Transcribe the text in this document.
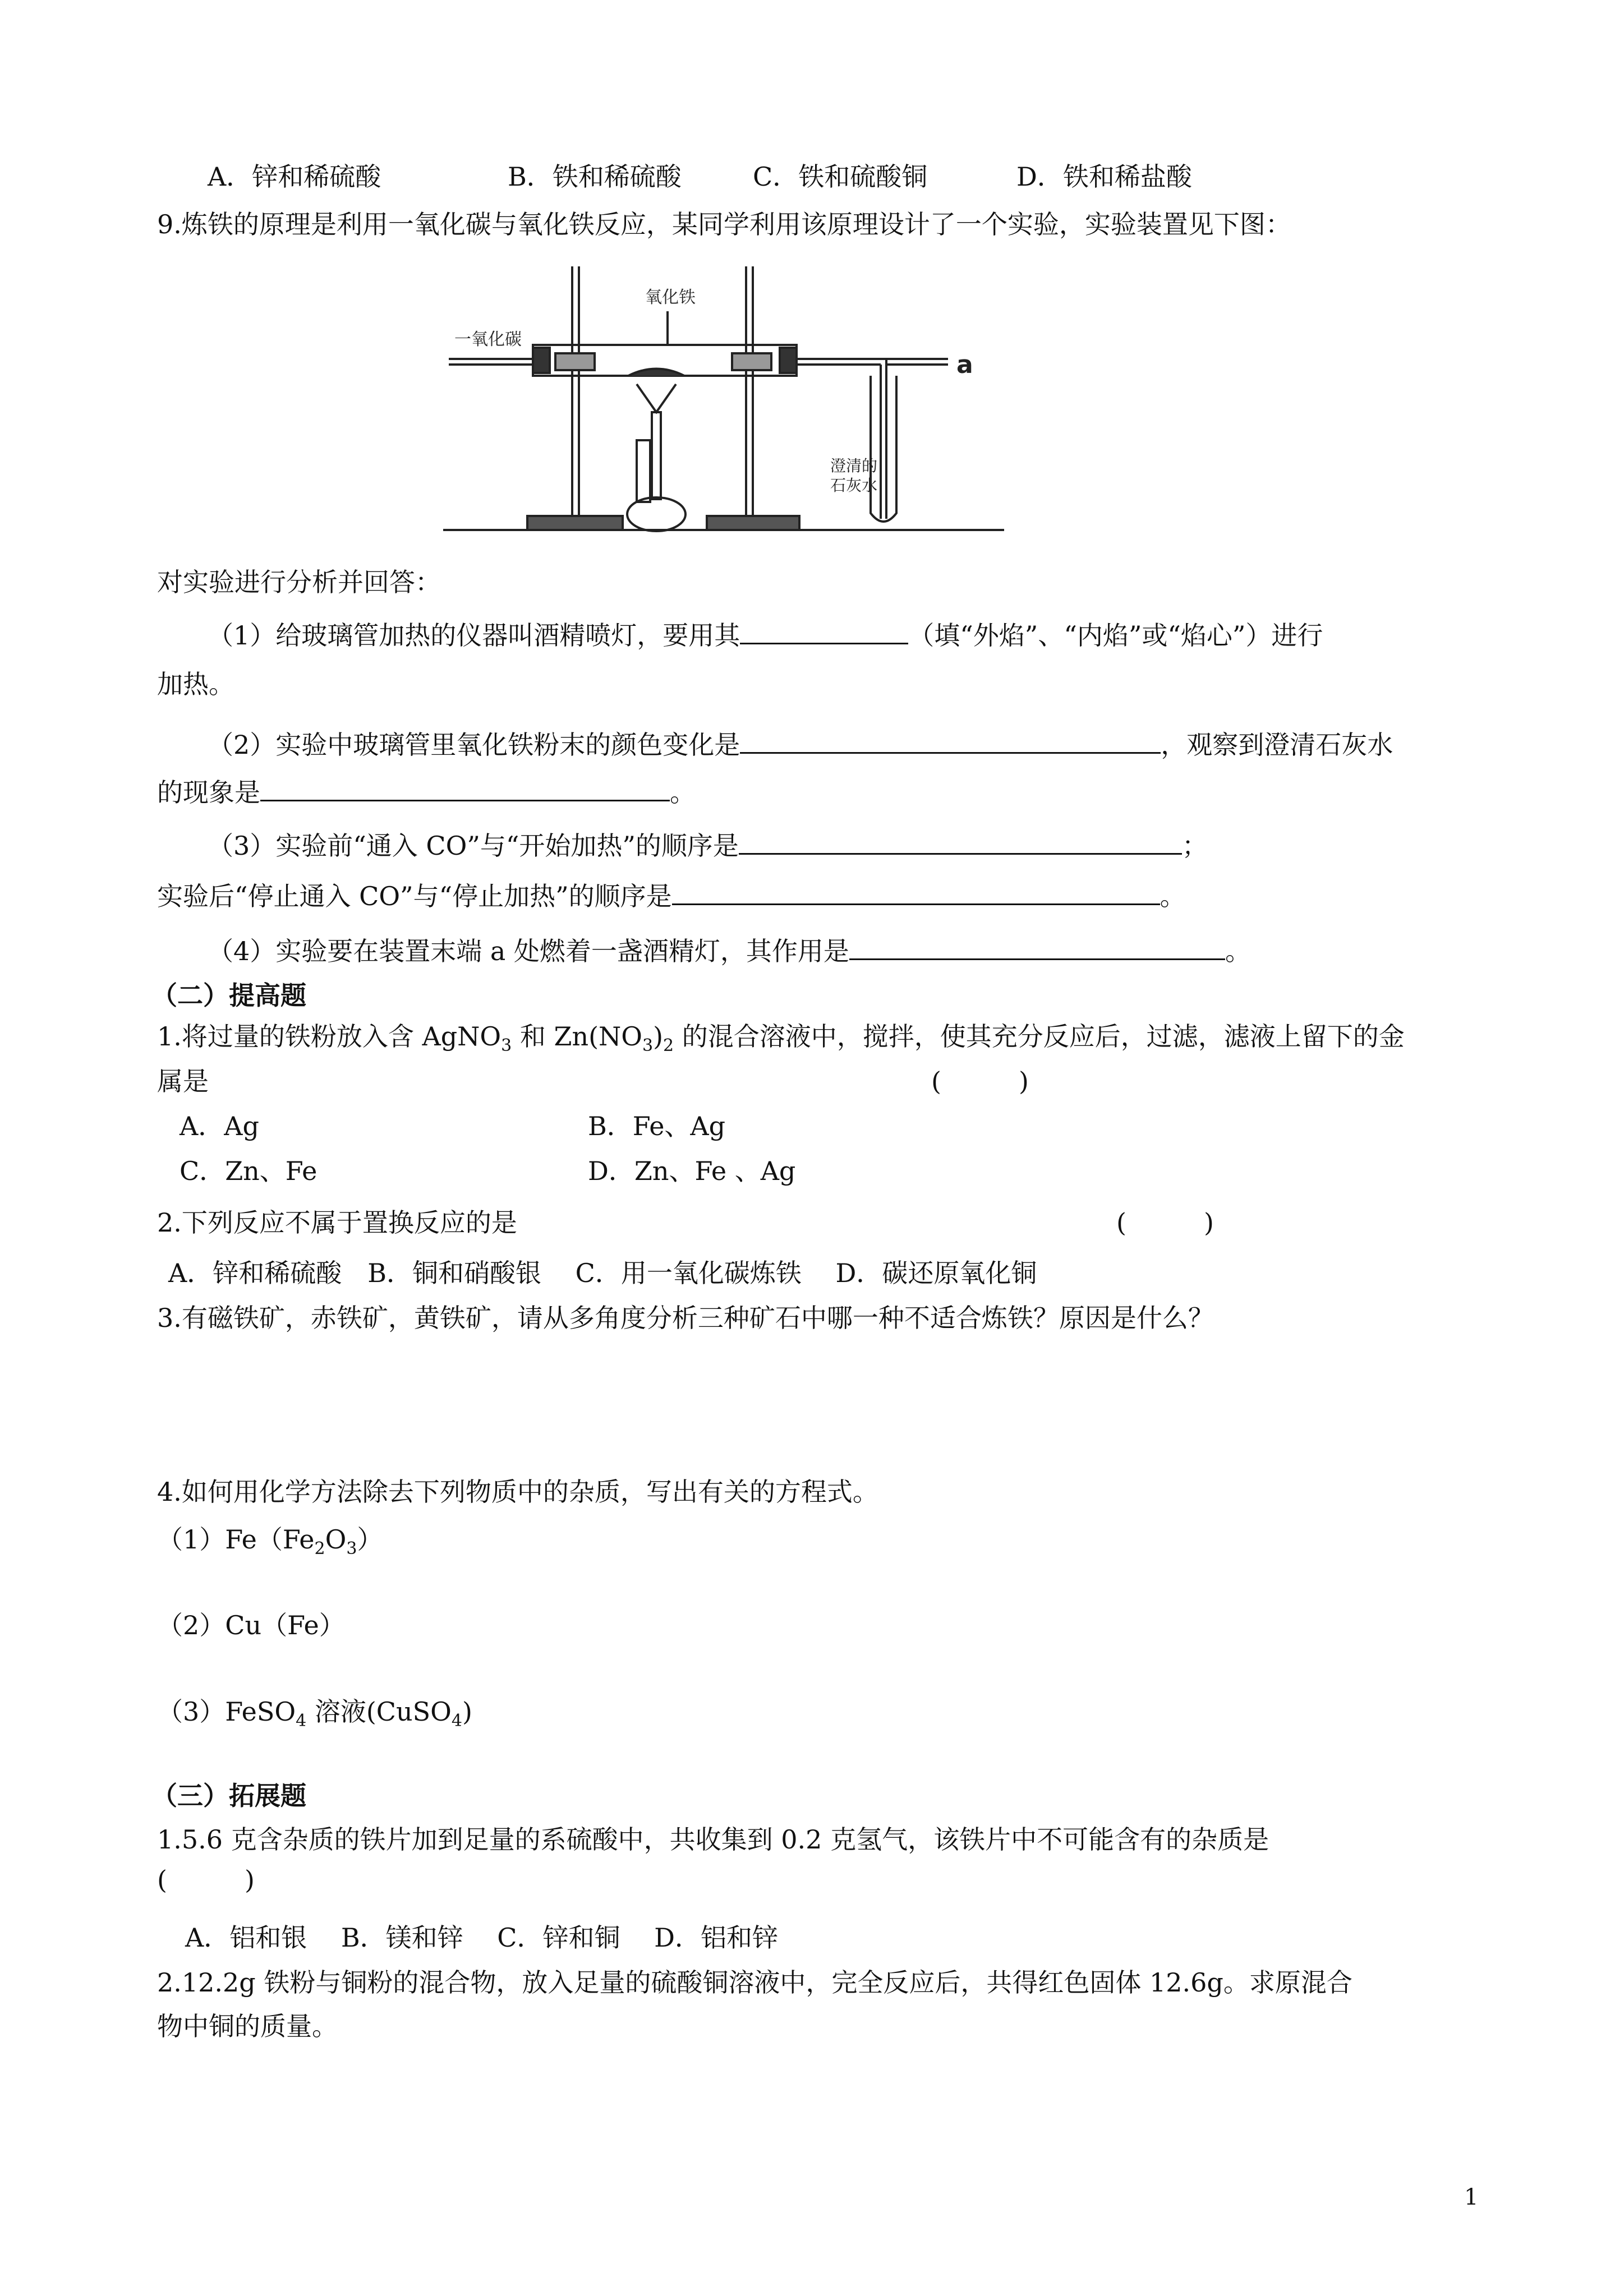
A．锌和稀硫酸	B．铁和稀硫酸	C．铁和硫酸铜	D．铁和稀盐酸
9.炼铁的原理是利用一氧化碳与氧化铁反应，某同学利用该原理设计了一个实验，实验装置见下图：
一氧化碳
氧化铁
a
澄清的
石灰水
对实验进行分析并回答：
（1）给玻璃管加热的仪器叫酒精喷灯，要用其	（填“外焰”、“内焰”或“焰心”）进行
加热。
（2）实验中玻璃管里氧化铁粉末的颜色变化是	，观察到澄清石灰水
的现象是	。
（3）实验前“通入 CO”与“开始加热”的顺序是	；
实验后“停止通入 CO”与“停止加热”的顺序是	。
（4）实验要在装置末端 a 处燃着一盏酒精灯，其作用是	。
（二）提高题
1.将过量的铁粉放入含 AgNO$_3$ 和 $Zn(NO_3)_2$ 的混合溶液中，搅拌，使其充分反应后，过滤，滤液上留下的金
属是	(　　　)
A．Ag	B．Fe、Ag
C．Zn、Fe	D．Zn、Fe 、Ag
2.下列反应不属于置换反应的是	(　　　)
A．锌和稀硫酸　B．铜和硝酸银　 C．用一氧化碳炼铁　 D．碳还原氧化铜
3.有磁铁矿，赤铁矿，黄铁矿，请从多角度分析三种矿石中哪一种不适合炼铁？原因是什么？
4.如何用化学方法除去下列物质中的杂质，写出有关的方程式。
$(1)Fe(Fe_2O_3)$
（2）Cu（Fe）
（3）FeSO$_4$ 溶液(CuSO$_4$)
（三）拓展题
1.5.6 克含杂质的铁片加到足量的系硫酸中，共收集到 0.2 克氢气，该铁片中不可能含有的杂质是
(　　　)
A．铝和银　 B．镁和锌　 C．锌和铜　 D．铝和锌
2.12.2g 铁粉与铜粉的混合物，放入足量的硫酸铜溶液中，完全反应后，共得红色固体 12.6g。求原混合
物中铜的质量。
1
